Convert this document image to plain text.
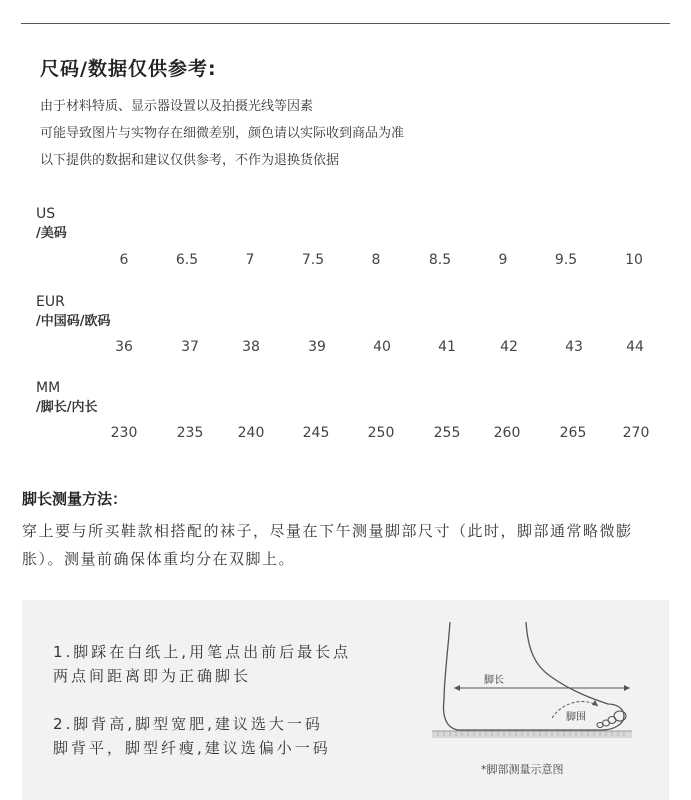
尺码/数据仅供参考:
由于材料特质、显示器设置以及拍摄光线等因素
可能导致图片与实物存在细微差别，颜色请以实际收到商品为准
以下提供的数据和建议仅供参考，不作为退换货依据
US
/美码
6	6.5	7	7.5	8	8.5	9	9.5	10
EUR
/中国码/欧码
36	37	38	39	40	41	42	43	44
MM
/脚长/内长
230	235	240	245	250	255	260	265	270
脚长测量方法：
穿上要与所买鞋款相搭配的袜子，尽量在下午测量脚部尺寸（此时，脚部通常略微膨胀）。测量前确保体重均分在双脚上。
1.脚踩在白纸上,用笔点出前后最长点
两点间距离即为正确脚长
2.脚背高,脚型宽肥,建议选大一码
脚背平，脚型纤瘦,建议选偏小一码
脚长
脚围
*脚部测量示意图
